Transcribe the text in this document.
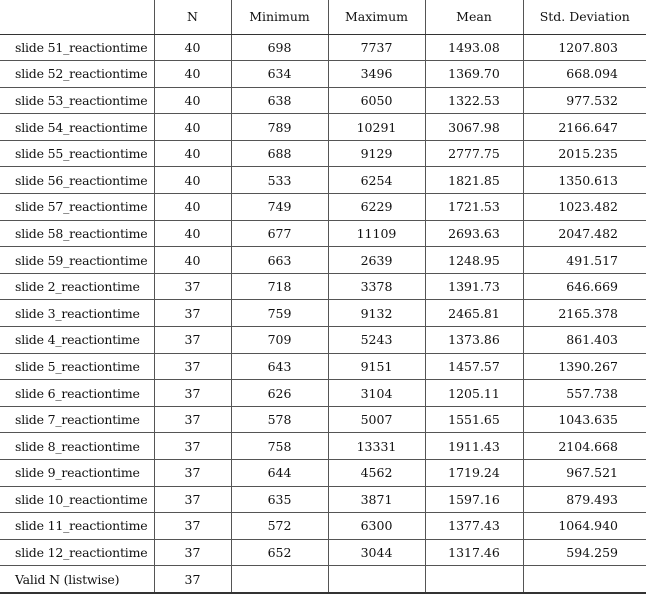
	N	Minimum	Maximum	Mean	Std. Deviation
slide 51_reactiontime	40	698	7737	1493.08	1207.803
slide 52_reactiontime	40	634	3496	1369.70	668.094
slide 53_reactiontime	40	638	6050	1322.53	977.532
slide 54_reactiontime	40	789	10291	3067.98	2166.647
slide 55_reactiontime	40	688	9129	2777.75	2015.235
slide 56_reactiontime	40	533	6254	1821.85	1350.613
slide 57_reactiontime	40	749	6229	1721.53	1023.482
slide 58_reactiontime	40	677	11109	2693.63	2047.482
slide 59_reactiontime	40	663	2639	1248.95	491.517
slide 2_reactiontime	37	718	3378	1391.73	646.669
slide 3_reactiontime	37	759	9132	2465.81	2165.378
slide 4_reactiontime	37	709	5243	1373.86	861.403
slide 5_reactiontime	37	643	9151	1457.57	1390.267
slide 6_reactiontime	37	626	3104	1205.11	557.738
slide 7_reactiontime	37	578	5007	1551.65	1043.635
slide 8_reactiontime	37	758	13331	1911.43	2104.668
slide 9_reactiontime	37	644	4562	1719.24	967.521
slide 10_reactiontime	37	635	3871	1597.16	879.493
slide 11_reactiontime	37	572	6300	1377.43	1064.940
slide 12_reactiontime	37	652	3044	1317.46	594.259
Valid N (listwise)	37				
